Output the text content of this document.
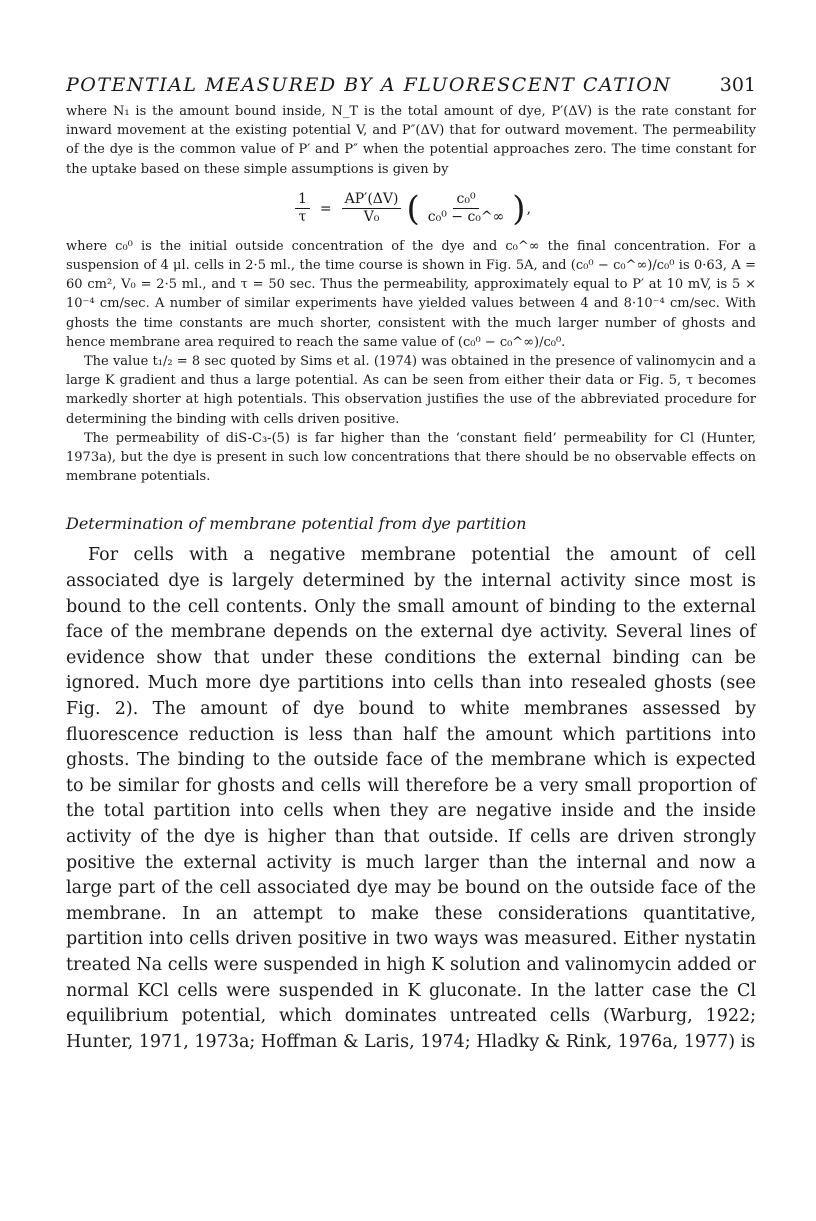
POTENTIAL MEASURED BY A FLUORESCENT CATION	301

where N₁ is the amount bound inside, N_T is the total amount of dye, P′(ΔV) is the rate constant for inward movement at the existing potential V, and P″(ΔV) that for outward movement. The permeability of the dye is the common value of P′ and P″ when the potential approaches zero. The time constant for the uptake based on these simple assumptions is given by

$\frac{1}{\tau} = \frac{AP'(\Delta V)}{\text{V₀}}$ ( $\frac{\text{c₀⁰}}{\text{c₀⁰ − c₀\textasciicircum{}∞}}$ ) ,

where c₀⁰ is the initial outside concentration of the dye and c₀^∞ the final concentration. For a suspension of 4 μl. cells in 2·5 ml., the time course is shown in Fig. 5A, and (c₀⁰ − c₀^∞)/c₀⁰ is 0·63, A = 60 cm², V₀ = 2·5 ml., and τ = 50 sec. Thus the permeability, approximately equal to P′ at 10 mV, is 5 × 10⁻⁴ cm/sec. A number of similar experiments have yielded values between 4 and 8·10⁻⁴ cm/sec. With ghosts the time constants are much shorter, consistent with the much larger number of ghosts and hence membrane area required to reach the same value of (c₀⁰ − c₀^∞)/c₀⁰.

The value t₁/₂ = 8 sec quoted by Sims et al. (1974) was obtained in the presence of valinomycin and a large K gradient and thus a large potential. As can be seen from either their data or Fig. 5, τ becomes markedly shorter at high potentials. This observation justifies the use of the abbreviated procedure for determining the binding with cells driven positive.

The permeability of diS-C₃-(5) is far higher than the ‘constant field’ permeability for Cl (Hunter, 1973a), but the dye is present in such low concentrations that there should be no observable effects on membrane potentials.

Determination of membrane potential from dye partition

For cells with a negative membrane potential the amount of cell associated dye is largely determined by the internal activity since most is bound to the cell contents. Only the small amount of binding to the external face of the membrane depends on the external dye activity. Several lines of evidence show that under these conditions the external binding can be ignored. Much more dye partitions into cells than into resealed ghosts (see Fig. 2). The amount of dye bound to white membranes assessed by fluorescence reduction is less than half the amount which partitions into ghosts. The binding to the outside face of the membrane which is expected to be similar for ghosts and cells will therefore be a very small proportion of the total partition into cells when they are negative inside and the inside activity of the dye is higher than that outside. If cells are driven strongly positive the external activity is much larger than the internal and now a large part of the cell associated dye may be bound on the outside face of the membrane. In an attempt to make these considerations quantitative, partition into cells driven positive in two ways was measured. Either nystatin treated Na cells were suspended in high K solution and valinomycin added or normal KCl cells were suspended in K gluconate. In the latter case the Cl equilibrium potential, which dominates untreated cells (Warburg, 1922; Hunter, 1971, 1973a; Hoffman & Laris, 1974; Hladky & Rink, 1976a, 1977) is
